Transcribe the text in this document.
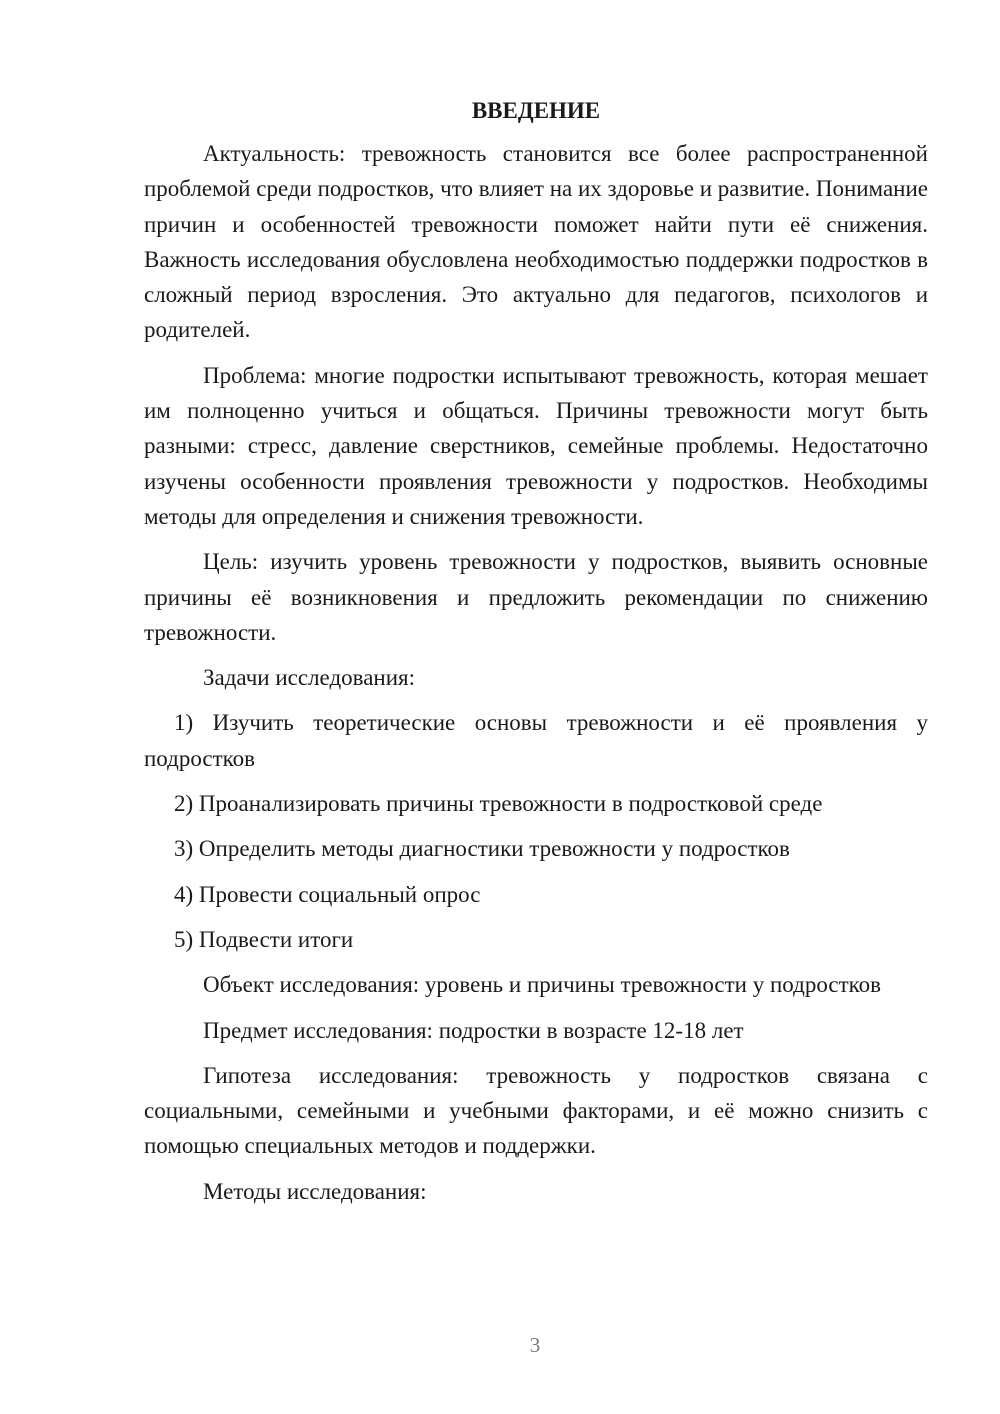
ВВЕДЕНИЕ

Актуальность: тревожность становится все более распространенной проблемой среди подростков, что влияет на их здоровье и развитие. Понимание причин и особенностей тревожности поможет найти пути её снижения. Важность исследования обусловлена необходимостью поддержки подростков в сложный период взросления. Это актуально для педагогов, психологов и родителей.

Проблема: многие подростки испытывают тревожность, которая мешает им полноценно учиться и общаться. Причины тревожности могут быть разными: стресс, давление сверстников, семейные проблемы. Недостаточно изучены особенности проявления тревожности у подростков. Необходимы методы для определения и снижения тревожности.

Цель: изучить уровень тревожности у подростков, выявить основные причины её возникновения и предложить рекомендации по снижению тревожности.

Задачи исследования:

1) Изучить теоретические основы тревожности и её проявления у подростков

2) Проанализировать причины тревожности в подростковой среде

3) Определить методы диагностики тревожности у подростков

4) Провести социальный опрос

5) Подвести итоги

Объект исследования: уровень и причины тревожности у подростков

Предмет исследования: подростки в возрасте 12-18 лет

Гипотеза исследования: тревожность у подростков связана с социальными, семейными и учебными факторами, и её можно снизить с помощью специальных методов и поддержки.

Методы исследования:

3
